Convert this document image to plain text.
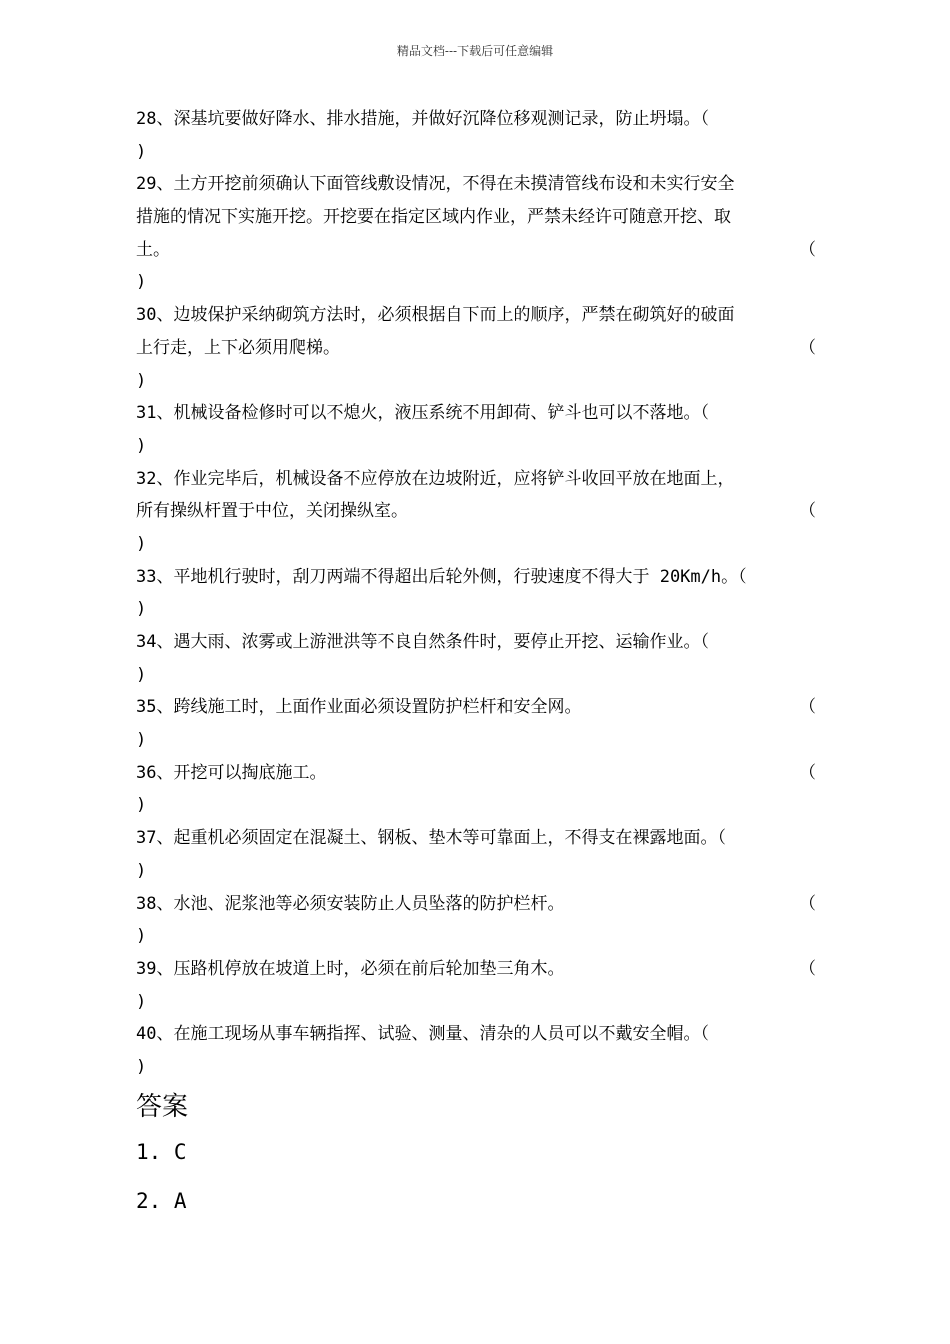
精品文档---下载后可任意编辑
28、深基坑要做好降水、排水措施，并做好沉降位移观测记录，防止坍塌。（
)
29、土方开挖前须确认下面管线敷设情况，不得在未摸清管线布设和未实行安全
措施的情况下实施开挖。开挖要在指定区域内作业，严禁未经许可随意开挖、取
土。	（
)
30、边坡保护采纳砌筑方法时，必须根据自下而上的顺序，严禁在砌筑好的破面
上行走，上下必须用爬梯。	（
)
31、机械设备检修时可以不熄火，液压系统不用卸荷、铲斗也可以不落地。（
)
32、作业完毕后，机械设备不应停放在边坡附近，应将铲斗收回平放在地面上，
所有操纵杆置于中位，关闭操纵室。	（
)
33、平地机行驶时，刮刀两端不得超出后轮外侧，行驶速度不得大于 20Km/h。（
)
34、遇大雨、浓雾或上游泄洪等不良自然条件时，要停止开挖、运输作业。（
)
35、跨线施工时，上面作业面必须设置防护栏杆和安全网。	（
)
36、开挖可以掏底施工。	（
)
37、起重机必须固定在混凝土、钢板、垫木等可靠面上，不得支在裸露地面。（
)
38、水池、泥浆池等必须安装防止人员坠落的防护栏杆。	（
)
39、压路机停放在坡道上时，必须在前后轮加垫三角木。	（
)
40、在施工现场从事车辆指挥、试验、测量、清杂的人员可以不戴安全帽。（
)
答案
1. C
2. A
